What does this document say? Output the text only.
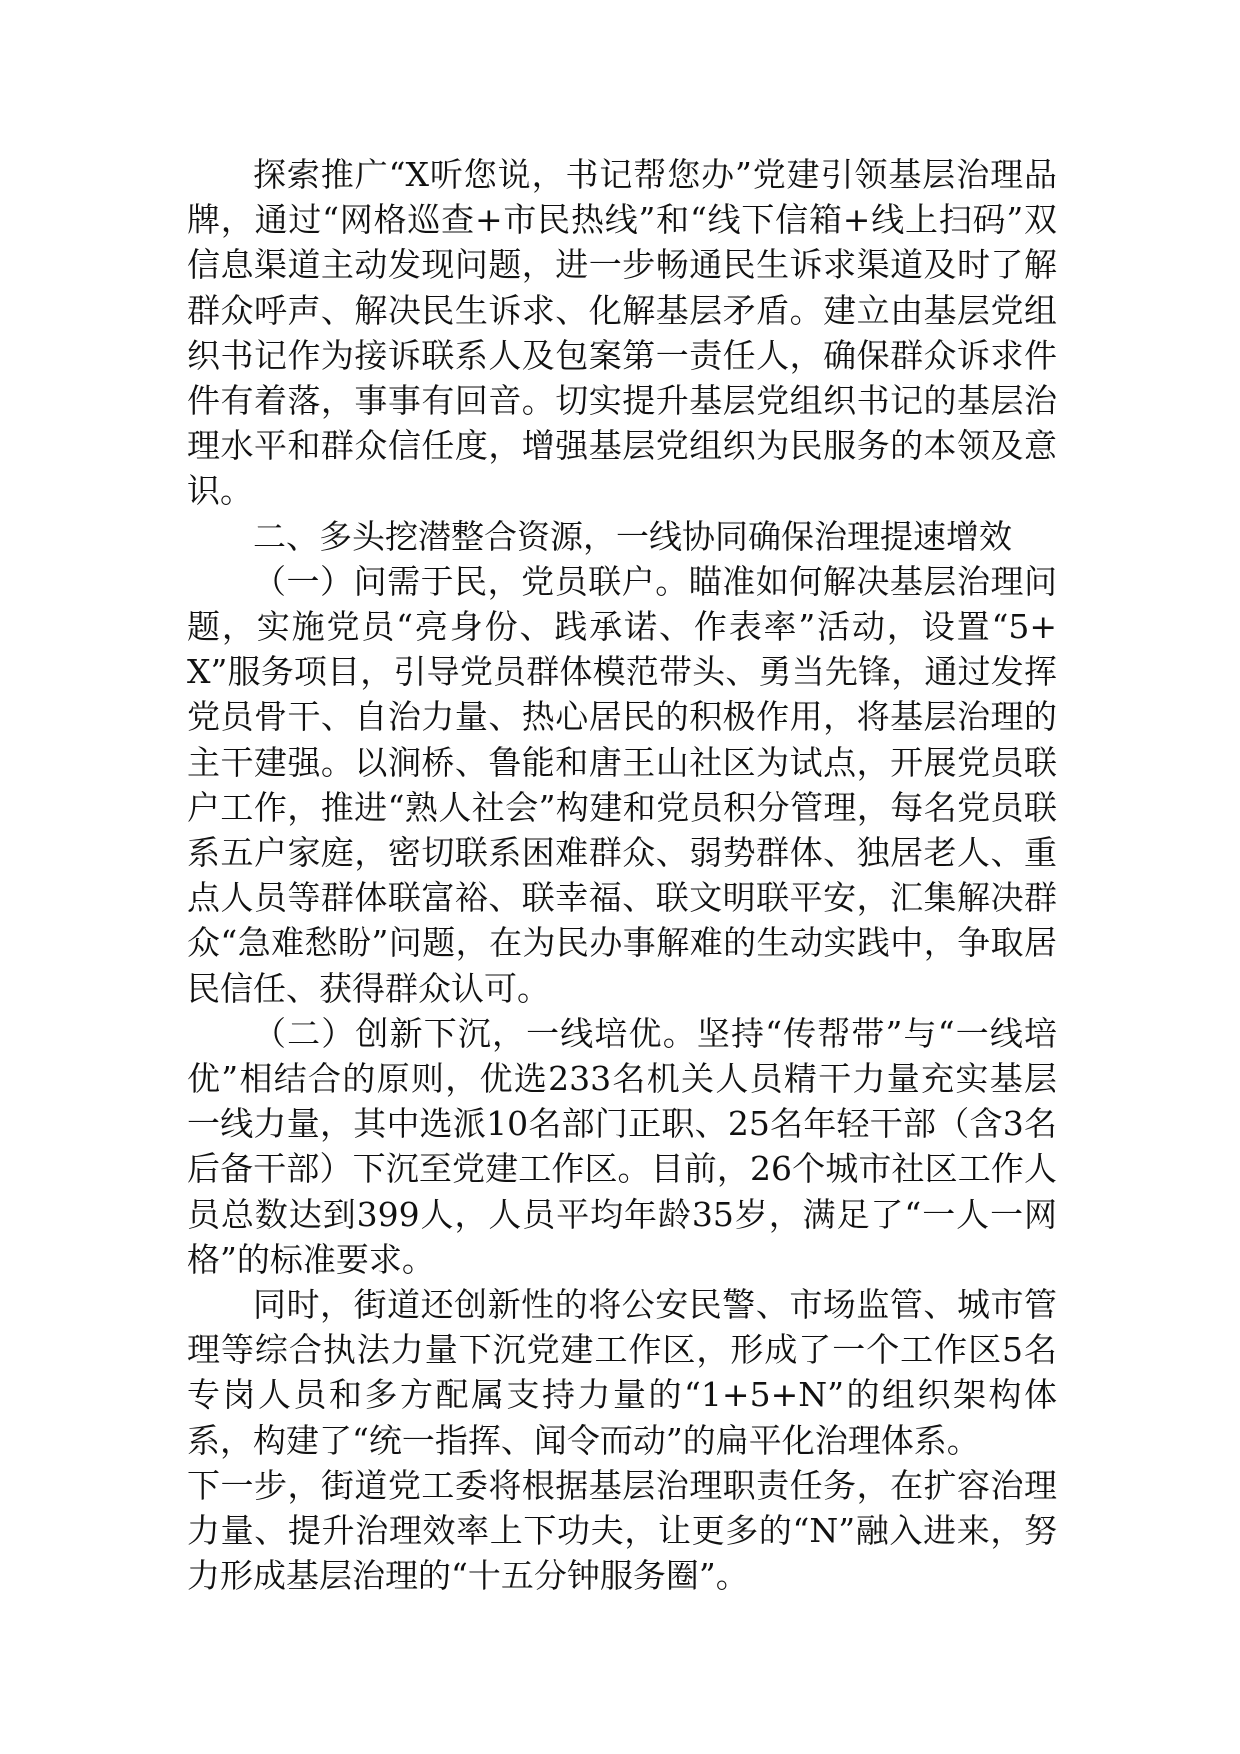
探索推广“X听您说，书记帮您办”党建引领基层治理品牌，通过“网格巡查+市民热线”和“线下信箱+线上扫码”双信息渠道主动发现问题，进一步畅通民生诉求渠道及时了解群众呼声、解决民生诉求、化解基层矛盾。建立由基层党组织书记作为接诉联系人及包案第一责任人，确保群众诉求件件有着落，事事有回音。切实提升基层党组织书记的基层治理水平和群众信任度，增强基层党组织为民服务的本领及意识。

二、多头挖潜整合资源，一线协同确保治理提速增效

（一）问需于民，党员联户。瞄准如何解决基层治理问题，实施党员“亮身份、践承诺、作表率”活动，设置“5+X”服务项目，引导党员群体模范带头、勇当先锋，通过发挥党员骨干、自治力量、热心居民的积极作用，将基层治理的主干建强。以涧桥、鲁能和唐王山社区为试点，开展党员联户工作，推进“熟人社会”构建和党员积分管理，每名党员联系五户家庭，密切联系困难群众、弱势群体、独居老人、重点人员等群体联富裕、联幸福、联文明联平安，汇集解决群众“急难愁盼”问题，在为民办事解难的生动实践中，争取居民信任、获得群众认可。

（二）创新下沉，一线培优。坚持“传帮带”与“一线培优”相结合的原则，优选233名机关人员精干力量充实基层一线力量，其中选派10名部门正职、25名年轻干部（含3名后备干部）下沉至党建工作区。目前，26个城市社区工作人员总数达到399人，人员平均年龄35岁，满足了“一人一网格”的标准要求。

同时，街道还创新性的将公安民警、市场监管、城市管理等综合执法力量下沉党建工作区，形成了一个工作区5名专岗人员和多方配属支持力量的“1+5+N”的组织架构体系，构建了“统一指挥、闻令而动”的扁平化治理体系。

下一步，街道党工委将根据基层治理职责任务，在扩容治理力量、提升治理效率上下功夫，让更多的“N”融入进来，努力形成基层治理的“十五分钟服务圈”。
